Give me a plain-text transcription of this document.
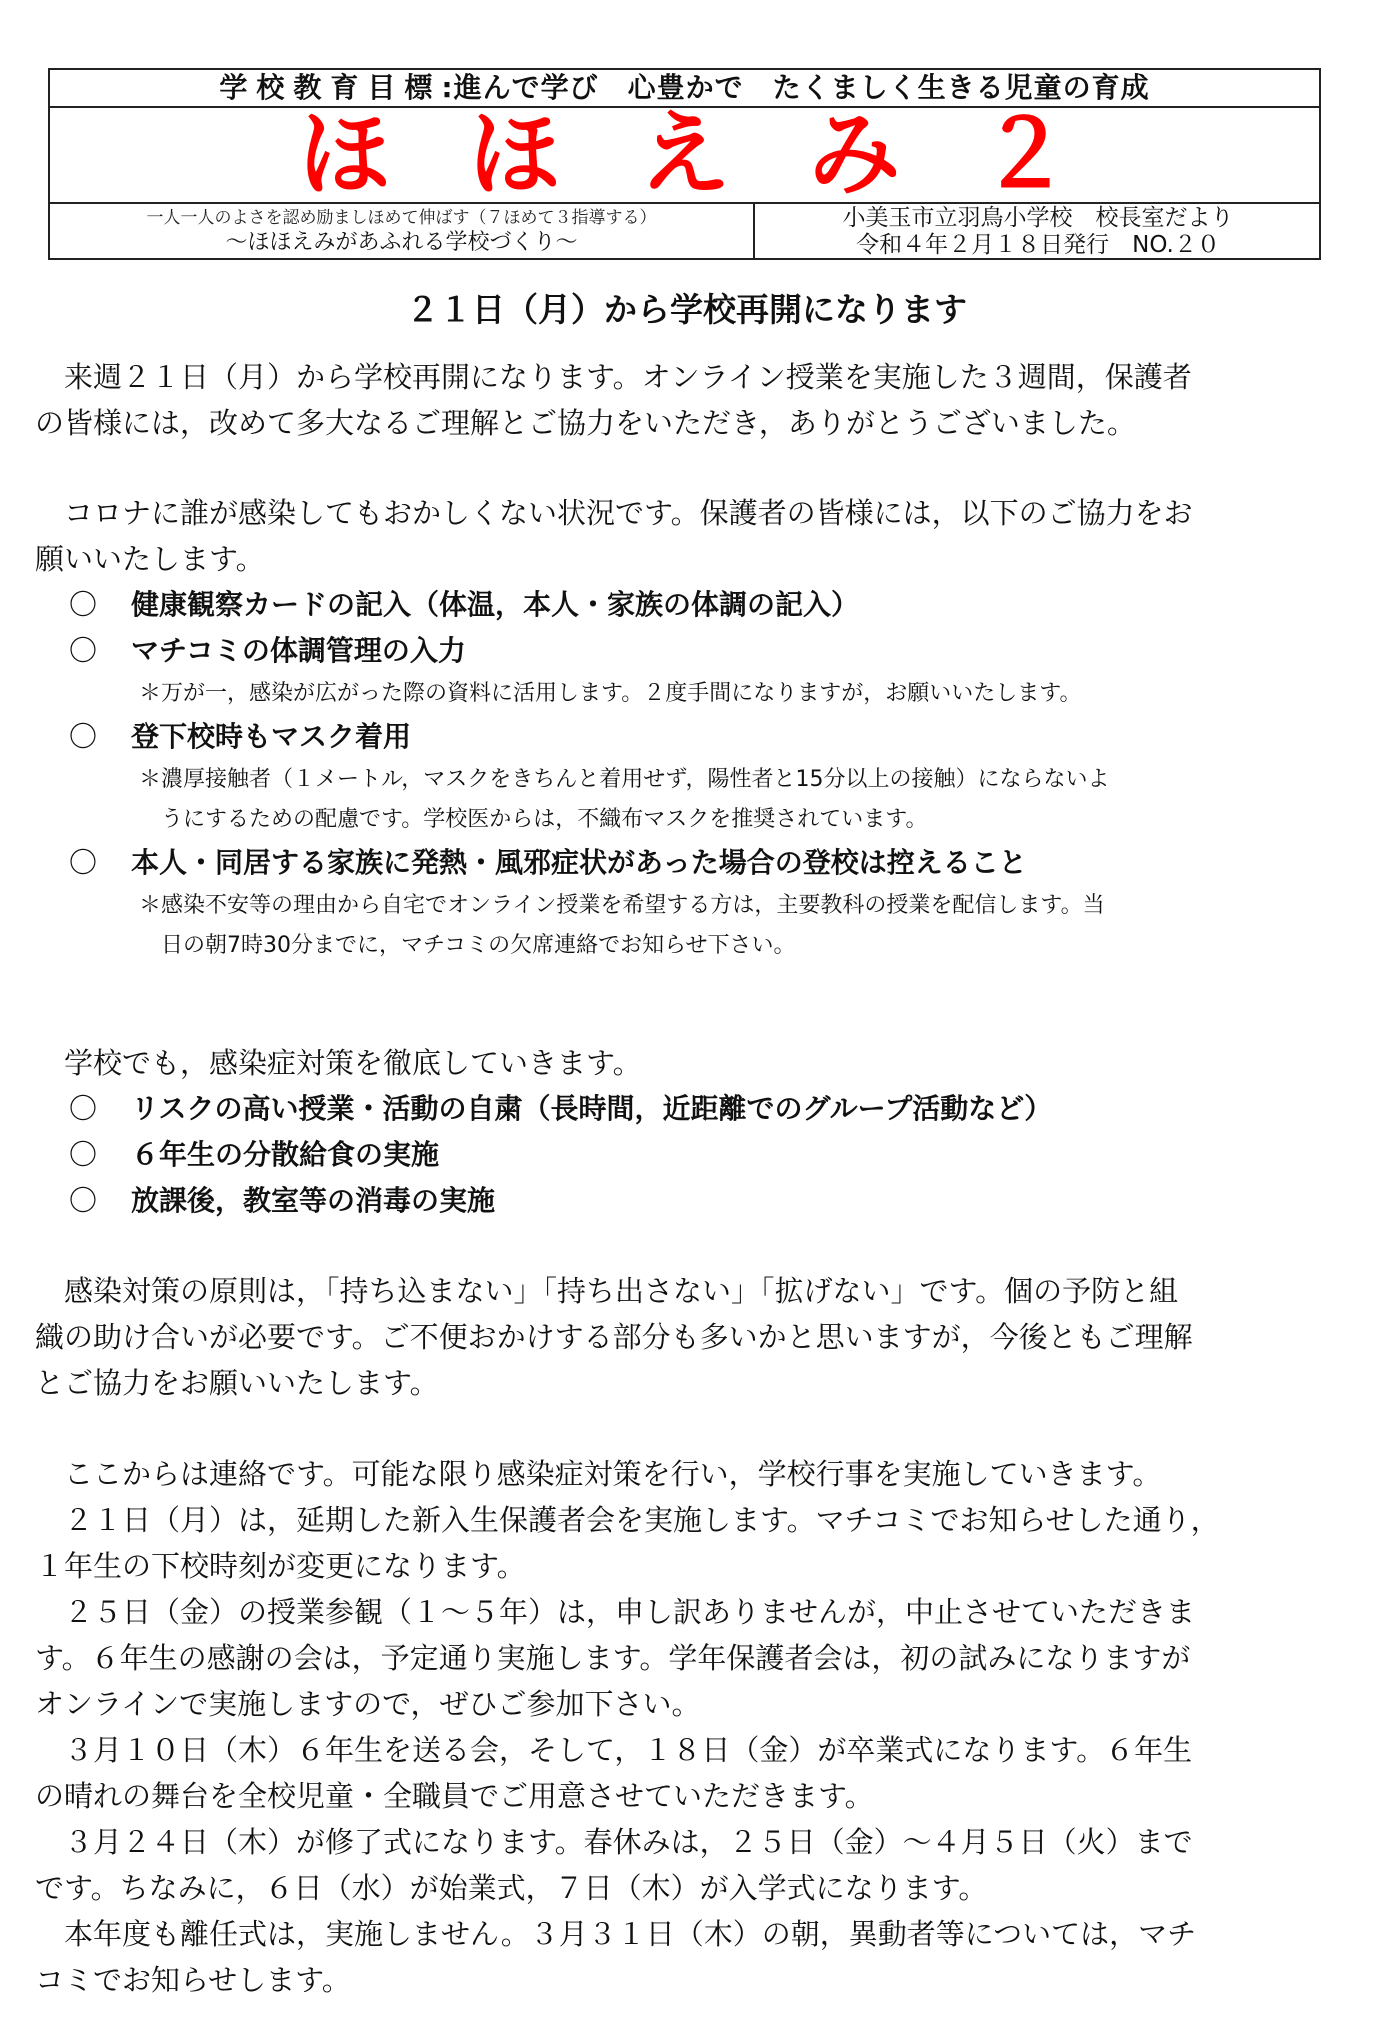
学校教育目標:進んで学び　心豊かで　たくましく生きる児童の育成
ほほえみ２
一人一人のよさを認め励ましほめて伸ばす（７ほめて３指導する）
～ほほえみがあふれる学校づくり～
小美玉市立羽鳥小学校　校長室だより
令和４年２月１８日発行　NO.２０
２１日（月）から学校再開になります

　来週２１日（月）から学校再開になります。オンライン授業を実施した３週間，保護者

の皆様には，改めて多大なるご理解とご協力をいただき，ありがとうございました。

　コロナに誰が感染してもおかしくない状況です。保護者の皆様には，以下のご協力をお

願いいたします。

〇 健康観察カードの記入（体温，本人・家族の体調の記入）

〇 マチコミの体調管理の入力

＊万が一，感染が広がった際の資料に活用します。２度手間になりますが，お願いいたします。

〇 登下校時もマスク着用

＊濃厚接触者（１メートル，マスクをきちんと着用せず，陽性者と15分以上の接触）にならないよ

うにするための配慮です。学校医からは，不織布マスクを推奨されています。

〇 本人・同居する家族に発熱・風邪症状があった場合の登校は控えること

＊感染不安等の理由から自宅でオンライン授業を希望する方は，主要教科の授業を配信します。当

日の朝7時30分までに，マチコミの欠席連絡でお知らせ下さい。

　学校でも，感染症対策を徹底していきます。

〇 リスクの高い授業・活動の自粛（長時間，近距離でのグループ活動など）

〇 ６年生の分散給食の実施

〇 放課後，教室等の消毒の実施

　感染対策の原則は，「持ち込まない」「持ち出さない」「拡げない」です。個の予防と組

織の助け合いが必要です。ご不便おかけする部分も多いかと思いますが，今後ともご理解

とご協力をお願いいたします。

　ここからは連絡です。可能な限り感染症対策を行い，学校行事を実施していきます。

　２１日（月）は，延期した新入生保護者会を実施します。マチコミでお知らせした通り，

１年生の下校時刻が変更になります。

　２５日（金）の授業参観（１～５年）は，申し訳ありませんが，中止させていただきま

す。６年生の感謝の会は，予定通り実施します。学年保護者会は，初の試みになりますが

オンラインで実施しますので，ぜひご参加下さい。

　３月１０日（木）６年生を送る会，そして，１８日（金）が卒業式になります。６年生

の晴れの舞台を全校児童・全職員でご用意させていただきます。

　３月２４日（木）が修了式になります。春休みは，２５日（金）～４月５日（火）まで

です。ちなみに，６日（水）が始業式，７日（木）が入学式になります。

　本年度も離任式は，実施しません。３月３１日（木）の朝，異動者等については，マチ

コミでお知らせします。
